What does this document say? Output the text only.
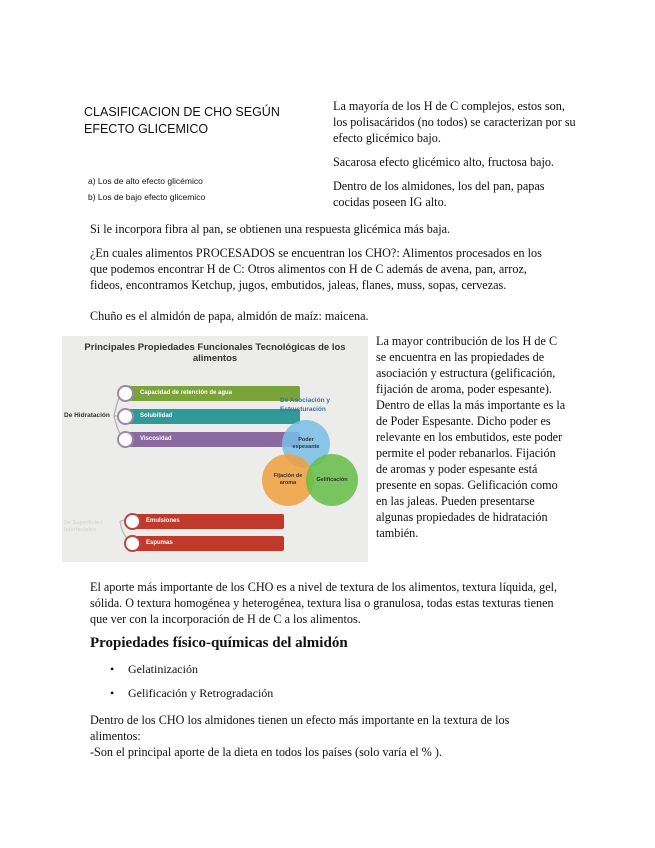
CLASIFICACION DE CHO SEGÚN EFECTO GLICEMICO
a) Los de alto efecto glicémico
b) Los de bajo efecto glicemico

La mayoría de los H de C complejos, estos son, los polisacáridos (no todos) se caracterizan por su efecto glicémico bajo.

Sacarosa efecto glicémico alto, fructosa bajo.

Dentro de los almidones, los del pan, papas cocidas poseen IG alto.

Si le incorpora fibra al pan, se obtienen una respuesta glicémica más baja.

¿En cuales alimentos PROCESADOS se encuentran los CHO?: Alimentos procesados en los que podemos encontrar H de C: Otros alimentos con H de C además de avena, pan, arroz, fideos, encontramos Ketchup, jugos, embutidos, jaleas, flanes, muss, sopas, cervezas.

Chuño es el almidón de papa, almidón de maíz: maicena.

Principales Propiedades Funcionales Tecnológicas de los alimentos
De Hidratación
Capacidad de retención de agua
Solubilidad
Viscosidad
De Superficie / Interfaciales
Emulsiones
Espumas
De Asociación y Estructuración
Poder espesante
Fijación de aroma
Gelificación

La mayor contribución de los H de C se encuentra en las propiedades de asociación y estructura (gelificación, fijación de aroma, poder espesante). Dentro de ellas la más importante es la de Poder Espesante. Dicho poder es relevante en los embutidos, este poder permite el poder rebanarlos. Fijación de aromas y poder espesante está presente en sopas. Gelificación como en las jaleas. Pueden presentarse algunas propiedades de hidratación también.

El aporte más importante de los CHO es a nivel de textura de los alimentos, textura líquida, gel, sólida. O textura homogénea y heterogénea, textura lisa o granulosa, todas estas texturas tienen que ver con la incorporación de H de C a los alimentos.

Propiedades físico-químicas del almidón
• Gelatinización
• Gelificación y Retrogradación

Dentro de los CHO los almidones tienen un efecto más importante en la textura de los alimentos:

-Son el principal aporte de la dieta en todos los países (solo varía el % ).
